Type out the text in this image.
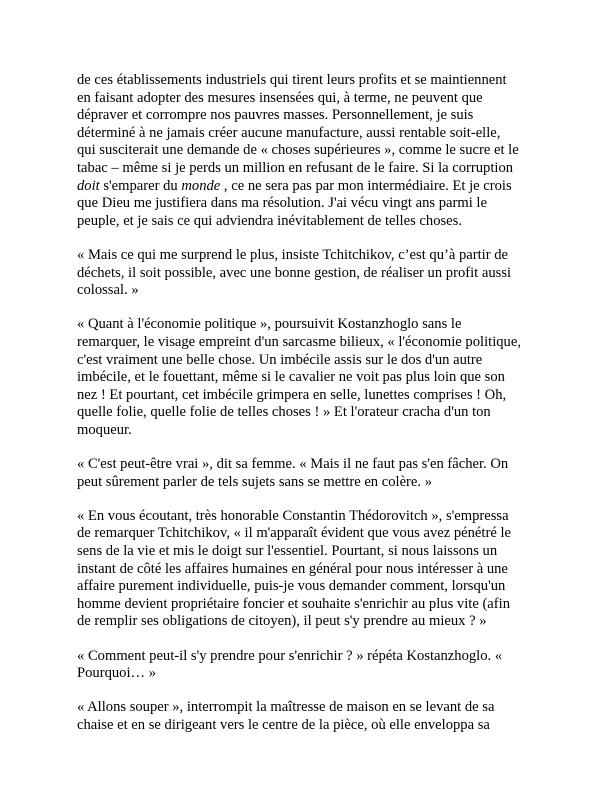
de ces établissements industriels qui tirent leurs profits et se maintiennent
en faisant adopter des mesures insensées qui, à terme, ne peuvent que
dépraver et corrompre nos pauvres masses. Personnellement, je suis
déterminé à ne jamais créer aucune manufacture, aussi rentable soit-elle,
qui susciterait une demande de « choses supérieures », comme le sucre et le
tabac – même si je perds un million en refusant de le faire. Si la corruption
doit s'emparer du monde , ce ne sera pas par mon intermédiaire. Et je crois
que Dieu me justifiera dans ma résolution. J'ai vécu vingt ans parmi le
peuple, et je sais ce qui adviendra inévitablement de telles choses.

« Mais ce qui me surprend le plus, insiste Tchitchikov, c’est qu’à partir de
déchets, il soit possible, avec une bonne gestion, de réaliser un profit aussi
colossal. »

« Quant à l'économie politique », poursuivit Kostanzhoglo sans le
remarquer, le visage empreint d'un sarcasme bilieux, « l'économie politique,
c'est vraiment une belle chose. Un imbécile assis sur le dos d'un autre
imbécile, et le fouettant, même si le cavalier ne voit pas plus loin que son
nez ! Et pourtant, cet imbécile grimpera en selle, lunettes comprises ! Oh,
quelle folie, quelle folie de telles choses ! » Et l'orateur cracha d'un ton
moqueur.

« C'est peut-être vrai », dit sa femme. « Mais il ne faut pas s'en fâcher. On
peut sûrement parler de tels sujets sans se mettre en colère. »

« En vous écoutant, très honorable Constantin Thédorovitch », s'empressa
de remarquer Tchitchikov, « il m'apparaît évident que vous avez pénétré le
sens de la vie et mis le doigt sur l'essentiel. Pourtant, si nous laissons un
instant de côté les affaires humaines en général pour nous intéresser à une
affaire purement individuelle, puis-je vous demander comment, lorsqu'un
homme devient propriétaire foncier et souhaite s'enrichir au plus vite (afin
de remplir ses obligations de citoyen), il peut s'y prendre au mieux ? »

« Comment peut-il s'y prendre pour s'enrichir ? » répéta Kostanzhoglo. «
Pourquoi… »

« Allons souper », interrompit la maîtresse de maison en se levant de sa
chaise et en se dirigeant vers le centre de la pièce, où elle enveloppa sa
